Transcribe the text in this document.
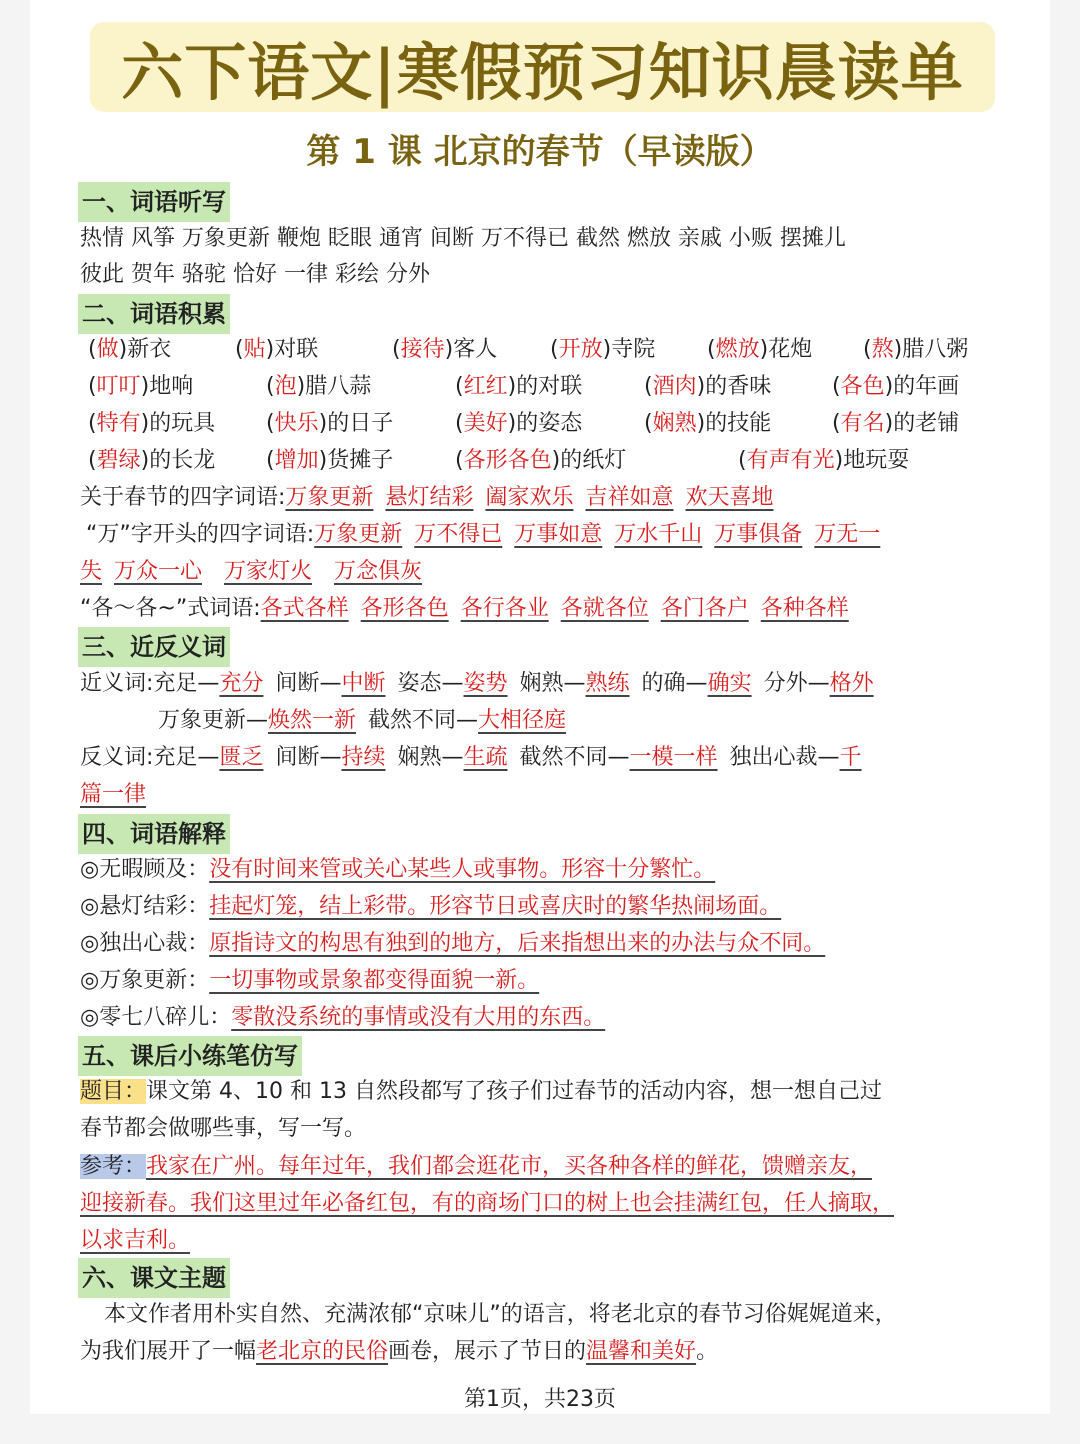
六下语文|寒假预习知识晨读单
第 1 课 北京的春节（早读版）
一、词语听写
热情 风筝 万象更新 鞭炮 眨眼 通宵 间断 万不得已 截然 燃放 亲戚 小贩 摆摊儿
彼此 贺年 骆驼 恰好 一律 彩绘 分外
二、词语积累
(做)新衣	(贴)对联	(接待)客人 (开放)寺院 (燃放)花炮 (熬)腊八粥
(叮叮)地响	(泡)腊八蒜	(红红)的对联	(酒肉)的香味	(各色)的年画
(特有)的玩具 (快乐)的日子	(美好)的姿态	(娴熟)的技能	(有名)的老铺
(碧绿)的长龙 (增加)货摊子	(各形各色)的纸灯	(有声有光)地玩耍
关于春节的四字词语:万象更新 悬灯结彩 阖家欢乐 吉祥如意 欢天喜地
“万”字开头的四字词语:万象更新 万不得已 万事如意 万水千山 万事俱备 万无一
失 万众一心 万家灯火 万念俱灰
“各～各~”式词语:各式各样 各形各色 各行各业 各就各位 各门各户 各种各样
三、近反义词
近义词:充足—充分 间断—中断 姿态—姿势 娴熟—熟练 的确—确实 分外—格外
万象更新—焕然一新 截然不同—大相径庭
反义词:充足—匮乏 间断—持续 娴熟—生疏 截然不同—一模一样 独出心裁—千
篇一律
四、词语解释
◎无暇顾及：没有时间来管或关心某些人或事物。形容十分繁忙。
◎悬灯结彩：挂起灯笼，结上彩带。形容节日或喜庆时的繁华热闹场面。
◎独出心裁：原指诗文的构思有独到的地方，后来指想出来的办法与众不同。
◎万象更新：一切事物或景象都变得面貌一新。
◎零七八碎儿：零散没系统的事情或没有大用的东西。
五、课后小练笔仿写
题目：课文第 4、10 和 13 自然段都写了孩子们过春节的活动内容，想一想自己过
春节都会做哪些事，写一写。
参考：我家在广州。每年过年，我们都会逛花市，买各种各样的鲜花，馈赠亲友，
迎接新春。我们这里过年必备红包，有的商场门口的树上也会挂满红包，任人摘取，
以求吉利。
六、课文主题
本文作者用朴实自然、充满浓郁“京味儿”的语言，将老北京的春节习俗娓娓道来，
为我们展开了一幅老北京的民俗画卷，展示了节日的温馨和美好。
第1页，共23页
